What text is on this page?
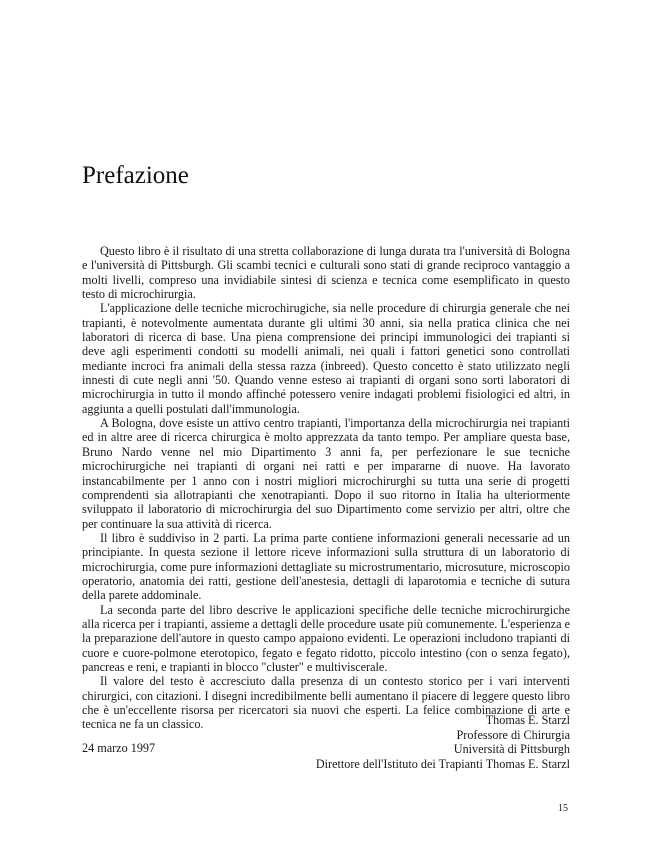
Prefazione

Questo libro è il risultato di una stretta collaborazione di lunga durata tra l'università di Bologna e l'università di Pittsburgh. Gli scambi tecnici e culturali sono stati di grande reciproco vantaggio a molti livelli, compreso una invidiabile sintesi di scienza e tecnica come esemplificato in questo testo di microchirurgia.

L'applicazione delle tecniche microchirugiche, sia nelle procedure di chirurgia generale che nei trapianti, è notevolmente aumentata durante gli ultimi 30 anni, sia nella pratica clinica che nei laboratori di ricerca di base. Una piena comprensione dei principi immunologici dei trapianti si deve agli esperimenti condotti su modelli animali, nei quali i fattori genetici sono controllati mediante incroci fra animali della stessa razza (inbreed). Questo concetto è stato utilizzato negli innesti di cute negli anni '50. Quando venne esteso ai trapianti di organi sono sorti laboratori di microchirurgia in tutto il mondo affinché potessero venire indagati problemi fisiologici ed altri, in aggiunta a quelli postulati dall'immunologia.

A Bologna, dove esiste un attivo centro trapianti, l'importanza della microchirurgia nei trapianti ed in altre aree di ricerca chirurgica è molto apprezzata da tanto tempo. Per ampliare questa base, Bruno Nardo venne nel mio Dipartimento 3 anni fa, per perfezionare le sue tecniche microchirurgiche nei trapianti di organi nei ratti e per impararne di nuove. Ha lavorato instancabilmente per 1 anno con i nostri migliori microchirurghi su tutta una serie di progetti comprendenti sia allotrapianti che xenotrapianti. Dopo il suo ritorno in Italia ha ulteriormente sviluppato il laboratorio di microchirurgia del suo Dipartimento come servizio per altri, oltre che per continuare la sua attività di ricerca.

Il libro è suddiviso in 2 parti. La prima parte contiene informazioni generali necessarie ad un principiante. In questa sezione il lettore riceve informazioni sulla struttura di un laboratorio di microchirurgia, come pure informazioni dettagliate su microstrumentario, microsuture, microscopio operatorio, anatomia dei ratti, gestione dell'anestesia, dettagli di laparotomia e tecniche di sutura della parete addominale.

La seconda parte del libro descrive le applicazioni specifiche delle tecniche microchirurgiche alla ricerca per i trapianti, assieme a dettagli delle procedure usate più comunemente. L'esperienza e la preparazione dell'autore in questo campo appaiono evidenti. Le operazioni includono trapianti di cuore e cuore-polmone eterotopico, fegato e fegato ridotto, piccolo intestino (con o senza fegato), pancreas e reni, e trapianti in blocco "cluster" e multiviscerale.

Il valore del testo è accresciuto dalla presenza di un contesto storico per i vari interventi chirurgici, con citazioni. I disegni incredibilmente belli aumentano il piacere di leggere questo libro che è un'eccellente risorsa per ricercatori sia nuovi che esperti. La felice combinazione di arte e tecnica ne fa un classico.	Thomas E. Starzl
Professore di Chirurgia
Università di Pittsburgh
Direttore dell'Istituto dei Trapianti Thomas E. Starzl
24 marzo 1997
15
